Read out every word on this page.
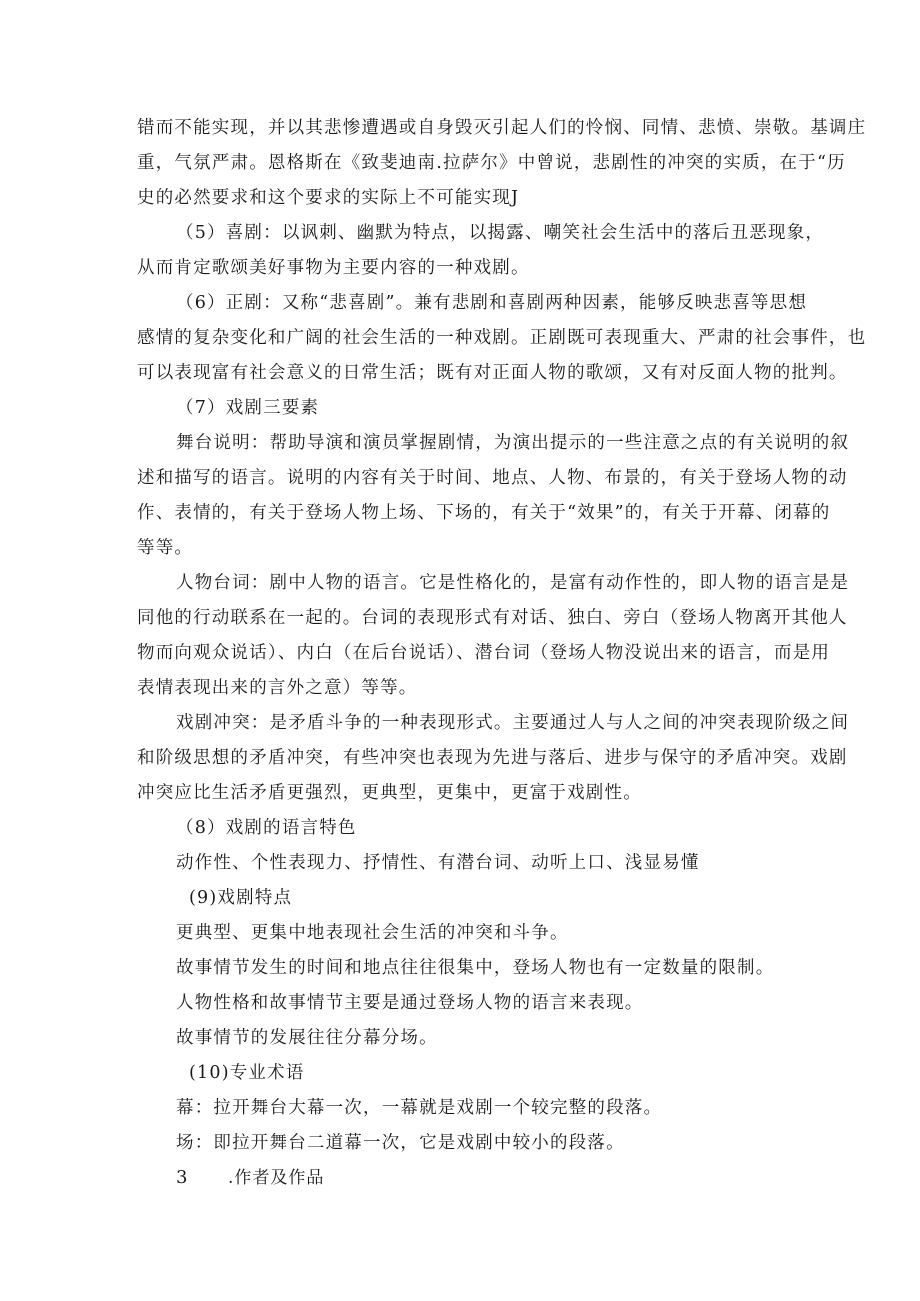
错而不能实现，并以其悲惨遭遇或自身毁灭引起人们的怜悯、同情、悲愤、崇敬。基调庄
重，气氛严肃。恩格斯在《致斐迪南.拉萨尔》中曾说，悲剧性的冲突的实质，在于“历
史的必然要求和这个要求的实际上不可能实现J
（5）喜剧：以讽刺、幽默为特点，以揭露、嘲笑社会生活中的落后丑恶现象，
从而肯定歌颂美好事物为主要内容的一种戏剧。
（6）正剧：又称“悲喜剧”。兼有悲剧和喜剧两种因素，能够反映悲喜等思想
感情的复杂变化和广阔的社会生活的一种戏剧。正剧既可表现重大、严肃的社会事件，也
可以表现富有社会意义的日常生活；既有对正面人物的歌颂，又有对反面人物的批判。
（7）戏剧三要素
舞台说明：帮助导演和演员掌握剧情，为演出提示的一些注意之点的有关说明的叙
述和描写的语言。说明的内容有关于时间、地点、人物、布景的，有关于登场人物的动
作、表情的，有关于登场人物上场、下场的，有关于“效果”的，有关于开幕、闭幕的
等等。
人物台词：剧中人物的语言。它是性格化的，是富有动作性的，即人物的语言是是
同他的行动联系在一起的。台词的表现形式有对话、独白、旁白（登场人物离开其他人
物而向观众说话）、内白（在后台说话）、潜台词（登场人物没说出来的语言，而是用
表情表现出来的言外之意）等等。
戏剧冲突：是矛盾斗争的一种表现形式。主要通过人与人之间的冲突表现阶级之间
和阶级思想的矛盾冲突，有些冲突也表现为先进与落后、进步与保守的矛盾冲突。戏剧
冲突应比生活矛盾更强烈，更典型，更集中，更富于戏剧性。
（8）戏剧的语言特色
动作性、个性表现力、抒情性、有潜台词、动听上口、浅显易懂
(9)戏剧特点
更典型、更集中地表现社会生活的冲突和斗争。
故事情节发生的时间和地点往往很集中，登场人物也有一定数量的限制。
人物性格和故事情节主要是通过登场人物的语言来表现。
故事情节的发展往往分幕分场。
(10)专业术语
幕：拉开舞台大幕一次，一幕就是戏剧一个较完整的段落。
场：即拉开舞台二道幕一次，它是戏剧中较小的段落。
3 .作者及作品
